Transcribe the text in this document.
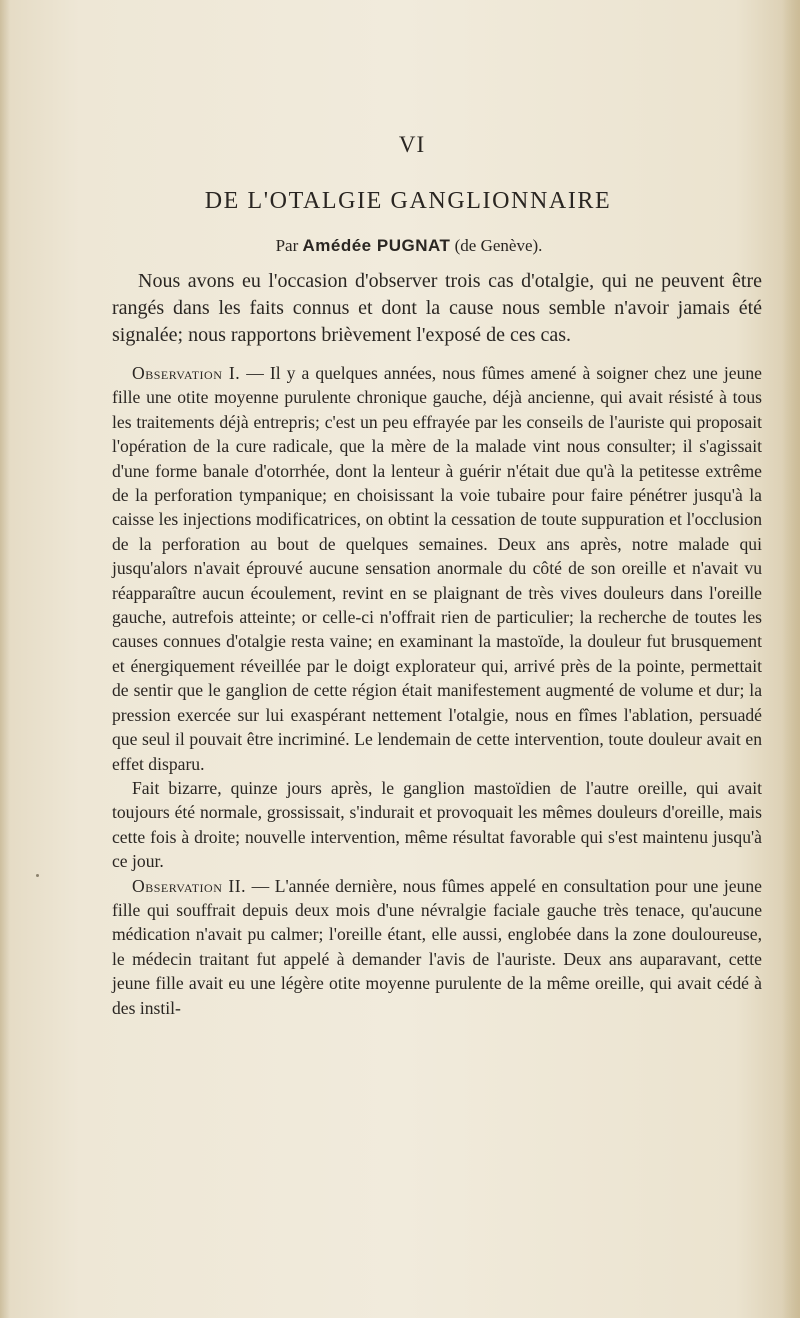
VI
DE L'OTALGIE GANGLIONNAIRE
Par Amédée PUGNAT (de Genève).

Nous avons eu l'occasion d'observer trois cas d'otalgie, qui ne peuvent être rangés dans les faits connus et dont la cause nous semble n'avoir jamais été signalée; nous rapportons brièvement l'exposé de ces cas.

Observation I. — Il y a quelques années, nous fûmes amené à soigner chez une jeune fille une otite moyenne purulente chronique gauche, déjà ancienne, qui avait résisté à tous les traitements déjà entrepris; c'est un peu effrayée par les conseils de l'auriste qui proposait l'opération de la cure radicale, que la mère de la malade vint nous consulter; il s'agissait d'une forme banale d'otorrhée, dont la lenteur à guérir n'était due qu'à la petitesse extrême de la perforation tympanique; en choisissant la voie tubaire pour faire pénétrer jusqu'à la caisse les injections modificatrices, on obtint la cessation de toute suppuration et l'occlusion de la perforation au bout de quelques semaines. Deux ans après, notre malade qui jusqu'alors n'avait éprouvé aucune sensation anormale du côté de son oreille et n'avait vu réapparaître aucun écoulement, revint en se plaignant de très vives douleurs dans l'oreille gauche, autrefois atteinte; or celle-ci n'offrait rien de particulier; la recherche de toutes les causes connues d'otalgie resta vaine; en examinant la mastoïde, la douleur fut brusquement et énergiquement réveillée par le doigt explorateur qui, arrivé près de la pointe, permettait de sentir que le ganglion de cette région était manifestement augmenté de volume et dur; la pression exercée sur lui exaspérant nettement l'otalgie, nous en fîmes l'ablation, persuadé que seul il pouvait être incriminé. Le lendemain de cette intervention, toute douleur avait en effet disparu.

Fait bizarre, quinze jours après, le ganglion mastoïdien de l'autre oreille, qui avait toujours été normale, grossissait, s'indurait et provoquait les mêmes douleurs d'oreille, mais cette fois à droite; nouvelle intervention, même résultat favorable qui s'est maintenu jusqu'à ce jour.

Observation II. — L'année dernière, nous fûmes appelé en consultation pour une jeune fille qui souffrait depuis deux mois d'une névralgie faciale gauche très tenace, qu'aucune médication n'avait pu calmer; l'oreille étant, elle aussi, englobée dans la zone douloureuse, le médecin traitant fut appelé à demander l'avis de l'auriste. Deux ans auparavant, cette jeune fille avait eu une légère otite moyenne purulente de la même oreille, qui avait cédé à des instil-
